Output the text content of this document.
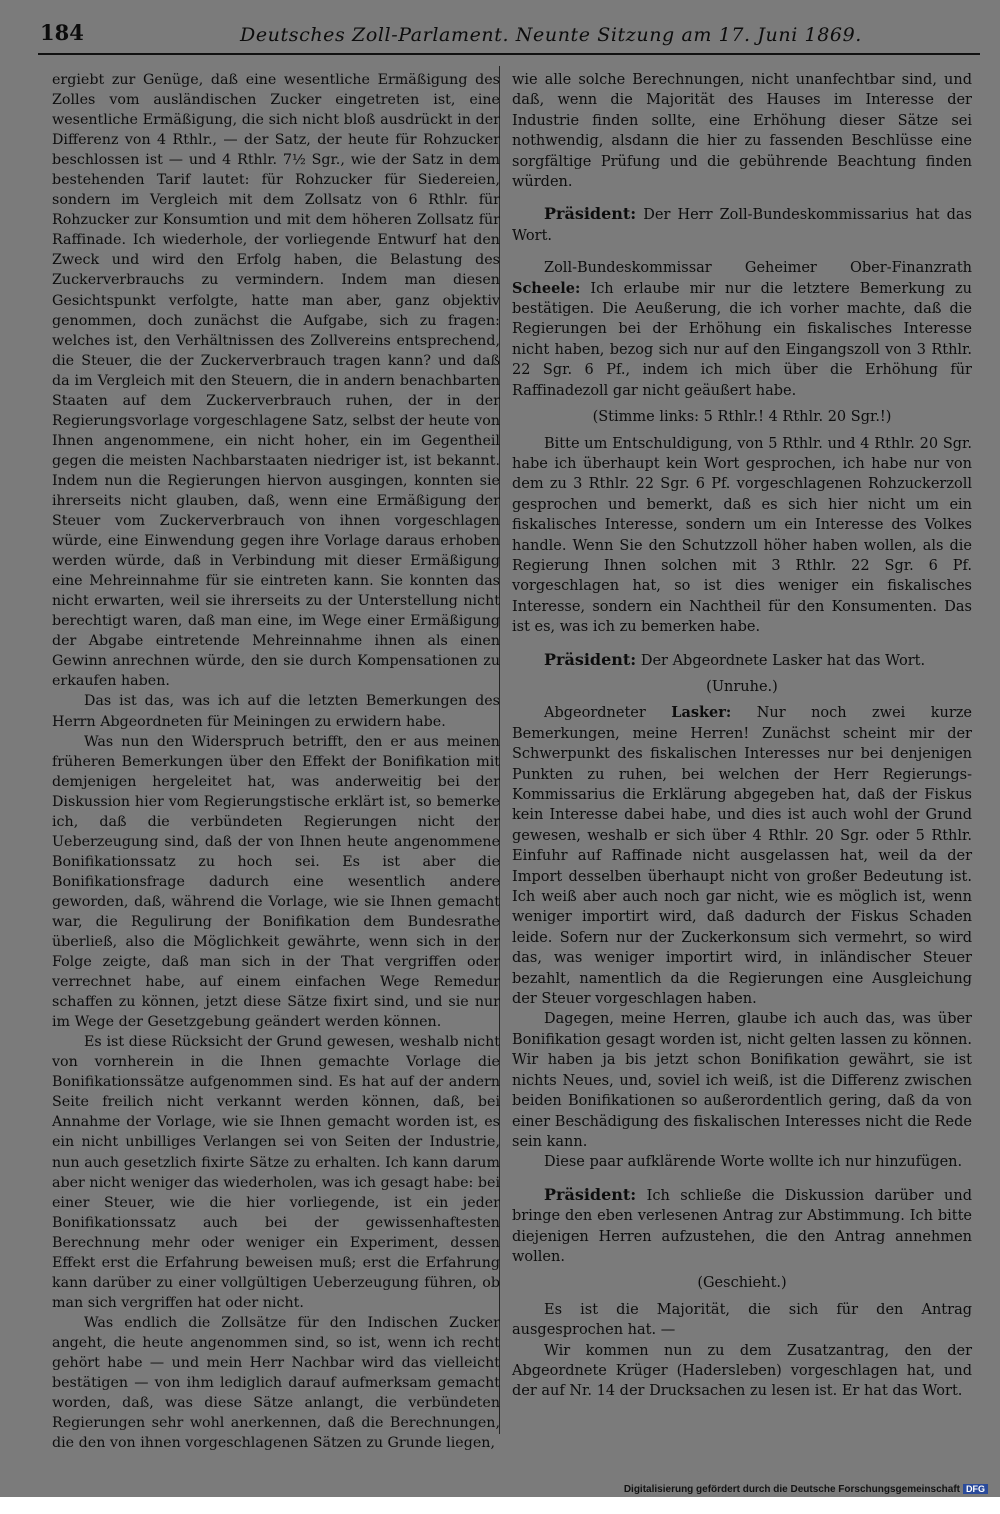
184	Deutsches Zoll-Parlament. Neunte Sitzung am 17. Juni 1869.

ergiebt zur Genüge, daß eine wesentliche Ermäßigung des Zolles vom ausländischen Zucker eingetreten ist, eine wesentliche Ermäßigung, die sich nicht bloß ausdrückt in der Differenz von 4 Rthlr., — der Satz, der heute für Rohzucker beschlossen ist — und 4 Rthlr. 7½ Sgr., wie der Satz in dem bestehenden Tarif lautet: für Rohzucker für Siedereien, sondern im Vergleich mit dem Zollsatz von 6 Rthlr. für Rohzucker zur Konsumtion und mit dem höheren Zollsatz für Raffinade. Ich wiederhole, der vorliegende Entwurf hat den Zweck und wird den Erfolg haben, die Belastung des Zuckerverbrauchs zu vermindern. Indem man diesen Gesichtspunkt verfolgte, hatte man aber, ganz objektiv genommen, doch zunächst die Aufgabe, sich zu fragen: welches ist, den Verhältnissen des Zollvereins entsprechend, die Steuer, die der Zuckerverbrauch tragen kann? und daß da im Vergleich mit den Steuern, die in andern benachbarten Staaten auf dem Zuckerverbrauch ruhen, der in der Regierungsvorlage vorgeschlagene Satz, selbst der heute von Ihnen angenommene, ein nicht hoher, ein im Gegentheil gegen die meisten Nachbarstaaten niedriger ist, ist bekannt. Indem nun die Regierungen hiervon ausgingen, konnten sie ihrerseits nicht glauben, daß, wenn eine Ermäßigung der Steuer vom Zuckerverbrauch von ihnen vorgeschlagen würde, eine Einwendung gegen ihre Vorlage daraus erhoben werden würde, daß in Verbindung mit dieser Ermäßigung eine Mehreinnahme für sie eintreten kann. Sie konnten das nicht erwarten, weil sie ihrerseits zu der Unterstellung nicht berechtigt waren, daß man eine, im Wege einer Ermäßigung der Abgabe eintretende Mehreinnahme ihnen als einen Gewinn anrechnen würde, den sie durch Kompensationen zu erkaufen haben.

Das ist das, was ich auf die letzten Bemerkungen des Herrn Abgeordneten für Meiningen zu erwidern habe.

Was nun den Widerspruch betrifft, den er aus meinen früheren Bemerkungen über den Effekt der Bonifikation mit demjenigen hergeleitet hat, was anderweitig bei der Diskussion hier vom Regierungstische erklärt ist, so bemerke ich, daß die verbündeten Regierungen nicht der Ueberzeugung sind, daß der von Ihnen heute angenommene Bonifikationssatz zu hoch sei. Es ist aber die Bonifikationsfrage dadurch eine wesentlich andere geworden, daß, während die Vorlage, wie sie Ihnen gemacht war, die Regulirung der Bonifikation dem Bundesrathe überließ, also die Möglichkeit gewährte, wenn sich in der Folge zeigte, daß man sich in der That vergriffen oder verrechnet habe, auf einem einfachen Wege Remedur schaffen zu können, jetzt diese Sätze fixirt sind, und sie nur im Wege der Gesetzgebung geändert werden können.

Es ist diese Rücksicht der Grund gewesen, weshalb nicht von vornherein in die Ihnen gemachte Vorlage die Bonifikationssätze aufgenommen sind. Es hat auf der andern Seite freilich nicht verkannt werden können, daß, bei Annahme der Vorlage, wie sie Ihnen gemacht worden ist, es ein nicht unbilliges Verlangen sei von Seiten der Industrie, nun auch gesetzlich fixirte Sätze zu erhalten. Ich kann darum aber nicht weniger das wiederholen, was ich gesagt habe: bei einer Steuer, wie die hier vorliegende, ist ein jeder Bonifikationssatz auch bei der gewissenhaftesten Berechnung mehr oder weniger ein Experiment, dessen Effekt erst die Erfahrung beweisen muß; erst die Erfahrung kann darüber zu einer vollgültigen Ueberzeugung führen, ob man sich vergriffen hat oder nicht.

Was endlich die Zollsätze für den Indischen Zucker angeht, die heute angenommen sind, so ist, wenn ich recht gehört habe — und mein Herr Nachbar wird das vielleicht bestätigen — von ihm lediglich darauf aufmerksam gemacht worden, daß, was diese Sätze anlangt, die verbündeten Regierungen sehr wohl anerkennen, daß die Berechnungen, die den von ihnen vorgeschlagenen Sätzen zu Grunde liegen,

wie alle solche Berechnungen, nicht unanfechtbar sind, und daß, wenn die Majorität des Hauses im Interesse der Industrie finden sollte, eine Erhöhung dieser Sätze sei nothwendig, alsdann die hier zu fassenden Beschlüsse eine sorgfältige Prüfung und die gebührende Beachtung finden würden.

Präsident: Der Herr Zoll-Bundeskommissarius hat das Wort.

Zoll-Bundeskommissar Geheimer Ober-Finanzrath Scheele: Ich erlaube mir nur die letztere Bemerkung zu bestätigen. Die Aeußerung, die ich vorher machte, daß die Regierungen bei der Erhöhung ein fiskalisches Interesse nicht haben, bezog sich nur auf den Eingangszoll von 3 Rthlr. 22 Sgr. 6 Pf., indem ich mich über die Erhöhung für Raffinadezoll gar nicht geäußert habe.

(Stimme links: 5 Rthlr.! 4 Rthlr. 20 Sgr.!)

Bitte um Entschuldigung, von 5 Rthlr. und 4 Rthlr. 20 Sgr. habe ich überhaupt kein Wort gesprochen, ich habe nur von dem zu 3 Rthlr. 22 Sgr. 6 Pf. vorgeschlagenen Rohzuckerzoll gesprochen und bemerkt, daß es sich hier nicht um ein fiskalisches Interesse, sondern um ein Interesse des Volkes handle. Wenn Sie den Schutzzoll höher haben wollen, als die Regierung Ihnen solchen mit 3 Rthlr. 22 Sgr. 6 Pf. vorgeschlagen hat, so ist dies weniger ein fiskalisches Interesse, sondern ein Nachtheil für den Konsumenten. Das ist es, was ich zu bemerken habe.

Präsident: Der Abgeordnete Lasker hat das Wort.

(Unruhe.)

Abgeordneter Lasker: Nur noch zwei kurze Bemerkungen, meine Herren! Zunächst scheint mir der Schwerpunkt des fiskalischen Interesses nur bei denjenigen Punkten zu ruhen, bei welchen der Herr Regierungs-Kommissarius die Erklärung abgegeben hat, daß der Fiskus kein Interesse dabei habe, und dies ist auch wohl der Grund gewesen, weshalb er sich über 4 Rthlr. 20 Sgr. oder 5 Rthlr. Einfuhr auf Raffinade nicht ausgelassen hat, weil da der Import desselben überhaupt nicht von großer Bedeutung ist. Ich weiß aber auch noch gar nicht, wie es möglich ist, wenn weniger importirt wird, daß dadurch der Fiskus Schaden leide. Sofern nur der Zuckerkonsum sich vermehrt, so wird das, was weniger importirt wird, in inländischer Steuer bezahlt, namentlich da die Regierungen eine Ausgleichung der Steuer vorgeschlagen haben.

Dagegen, meine Herren, glaube ich auch das, was über Bonifikation gesagt worden ist, nicht gelten lassen zu können. Wir haben ja bis jetzt schon Bonifikation gewährt, sie ist nichts Neues, und, soviel ich weiß, ist die Differenz zwischen beiden Bonifikationen so außerordentlich gering, daß da von einer Beschädigung des fiskalischen Interesses nicht die Rede sein kann.

Diese paar aufklärende Worte wollte ich nur hinzufügen.

Präsident: Ich schließe die Diskussion darüber und bringe den eben verlesenen Antrag zur Abstimmung. Ich bitte diejenigen Herren aufzustehen, die den Antrag annehmen wollen.

(Geschieht.)

Es ist die Majorität, die sich für den Antrag ausgesprochen hat. —

Wir kommen nun zu dem Zusatzantrag, den der Abgeordnete Krüger (Hadersleben) vorgeschlagen hat, und der auf Nr. 14 der Drucksachen zu lesen ist. Er hat das Wort.

Digitalisierung gefördert durch die Deutsche Forschungsgemeinschaft DFG
